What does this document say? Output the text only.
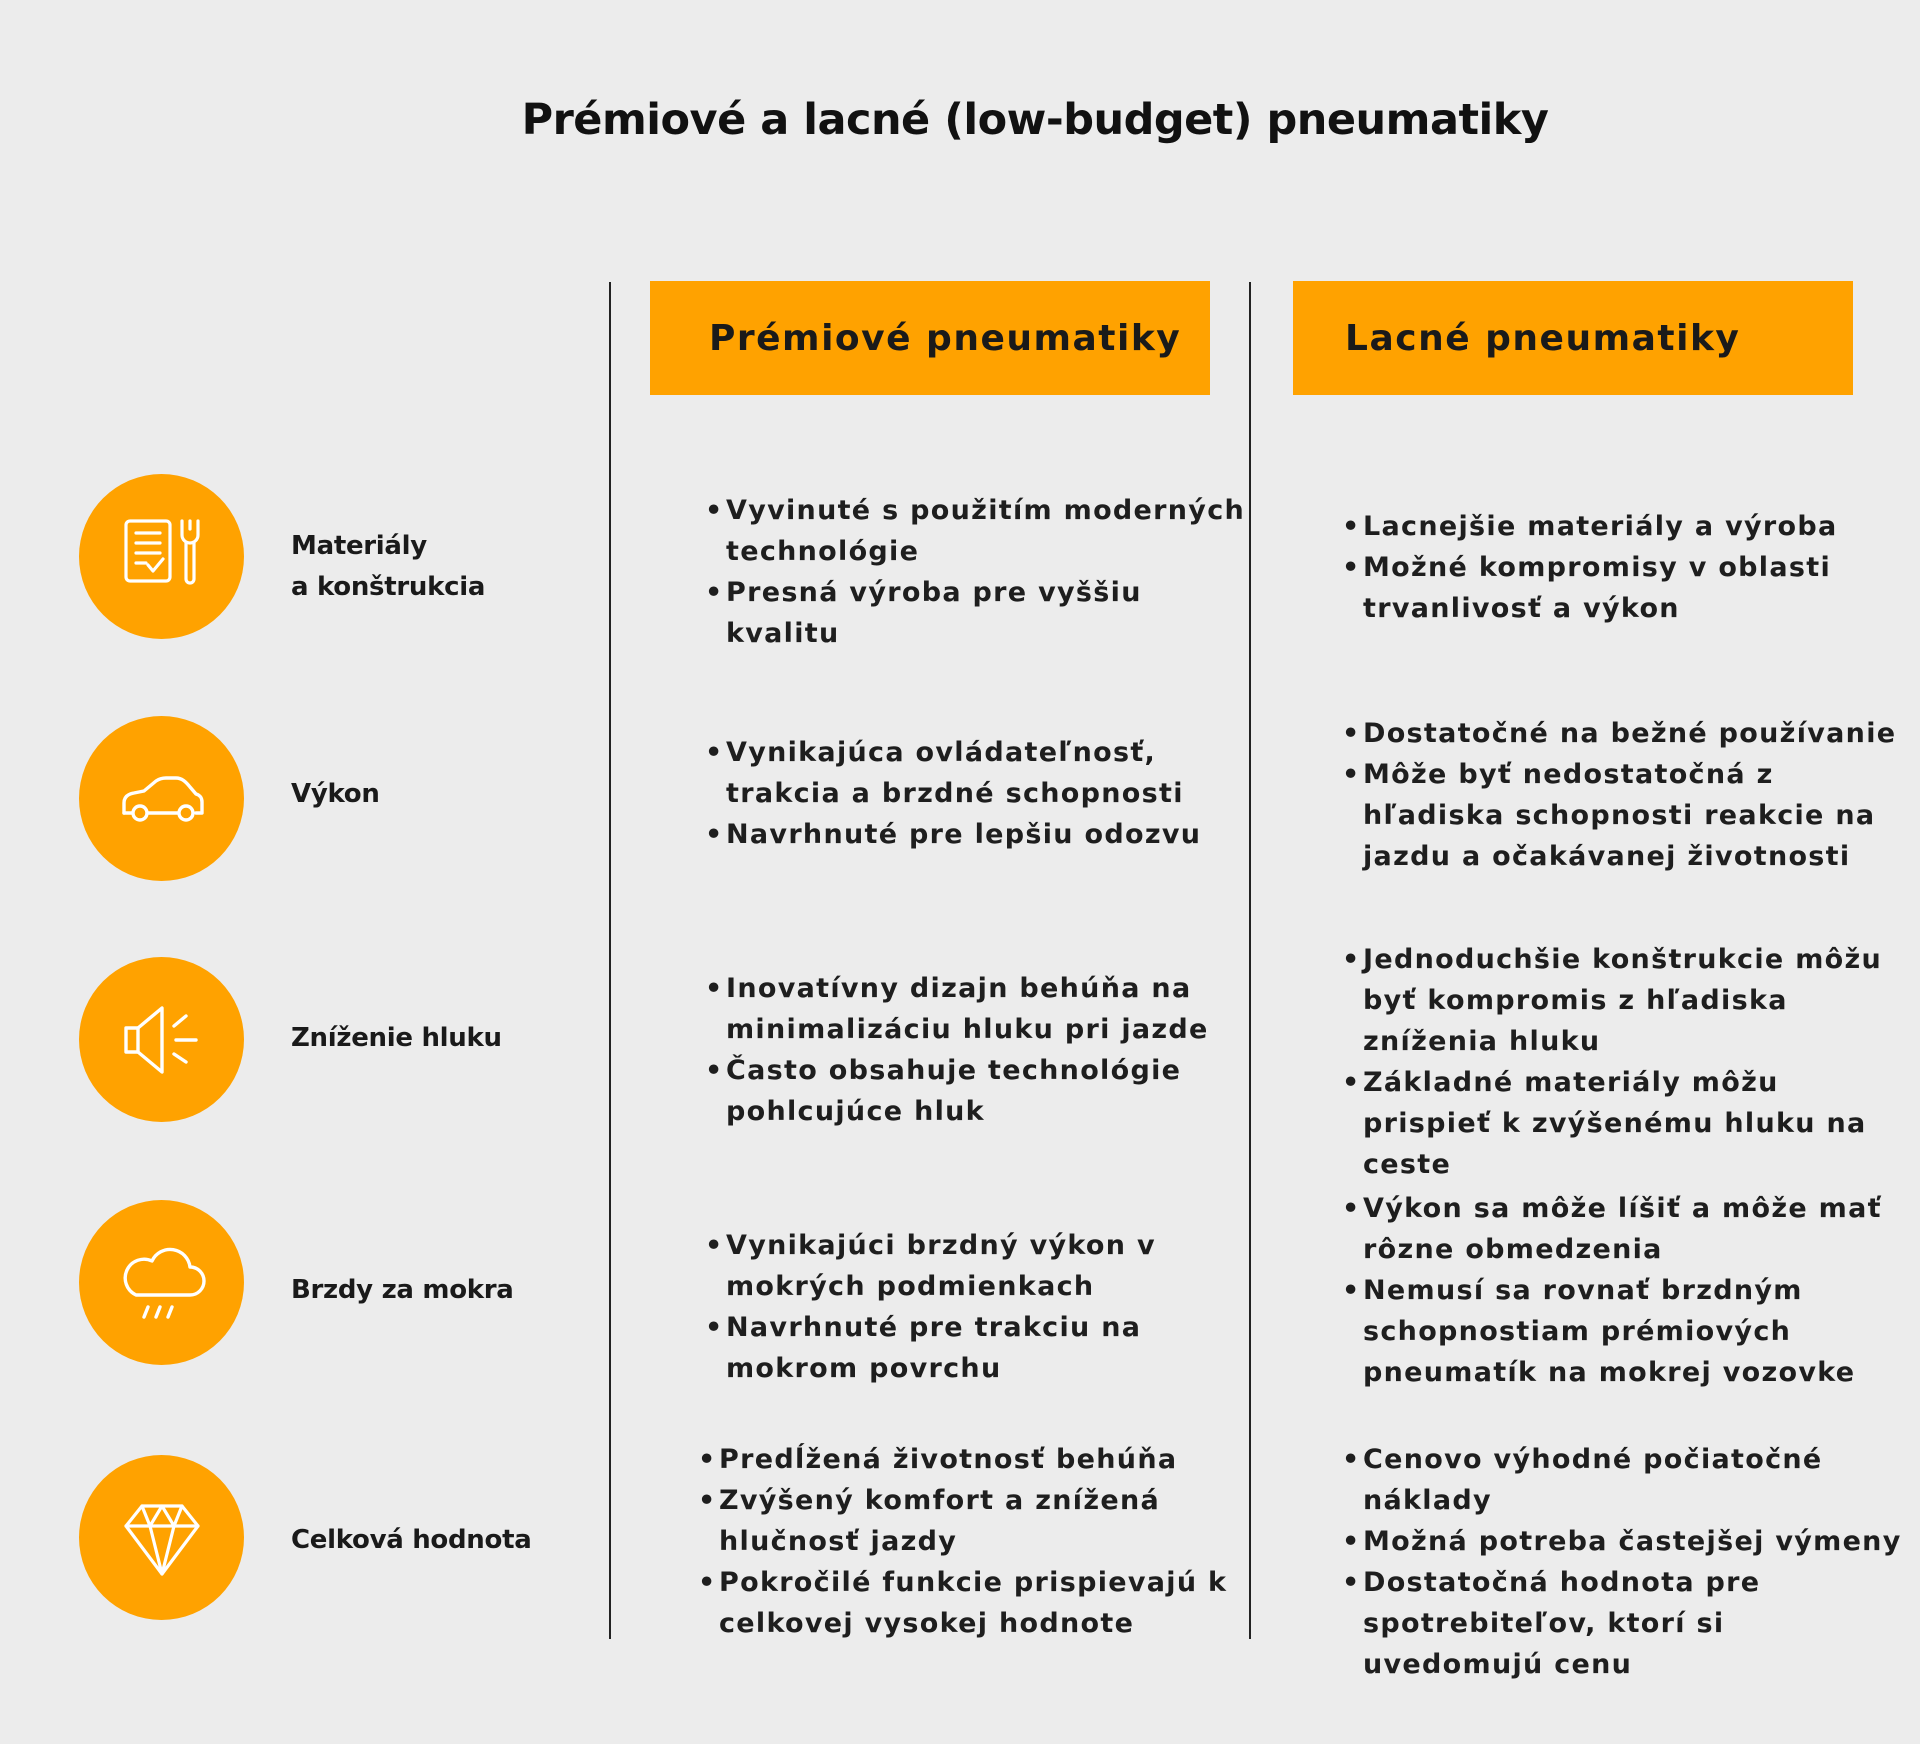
Prémiové a lacné (low-budget) pneumatiky
Prémiové pneumatiky	Lacné pneumatiky
Materiály
a konštrukcia
• Vyvinuté s použitím moderných technológie
• Presná výroba pre vyššiu kvalitu
• Lacnejšie materiály a výroba
• Možné kompromisy v oblasti trvanlivosť a výkon
Výkon
• Vynikajúca ovládateľnosť, trakcia a brzdné schopnosti
• Navrhnuté pre lepšiu odozvu
• Dostatočné na bežné používanie
• Môže byť nedostatočná z hľadiska schopnosti reakcie na jazdu a očakávanej životnosti
Zníženie hluku
• Inovatívny dizajn behúňa na minimalizáciu hluku pri jazde
• Často obsahuje technológie pohlcujúce hluk
• Jednoduchšie konštrukcie môžu byť kompromis z hľadiska zníženia hluku
• Základné materiály môžu prispieť k zvýšenému hluku na ceste
Brzdy za mokra
• Vynikajúci brzdný výkon v mokrých podmienkach
• Navrhnuté pre trakciu na mokrom povrchu
• Výkon sa môže líšiť a môže mať rôzne obmedzenia
• Nemusí sa rovnať brzdným schopnostiam prémiových pneumatík na mokrej vozovke
Celková hodnota
• Predĺžená životnosť behúňa
• Zvýšený komfort a znížená hlučnosť jazdy
• Pokročilé funkcie prispievajú k celkovej vysokej hodnote
• Cenovo výhodné počiatočné náklady
• Možná potreba častejšej výmeny
• Dostatočná hodnota pre spotrebiteľov, ktorí si uvedomujú cenu
